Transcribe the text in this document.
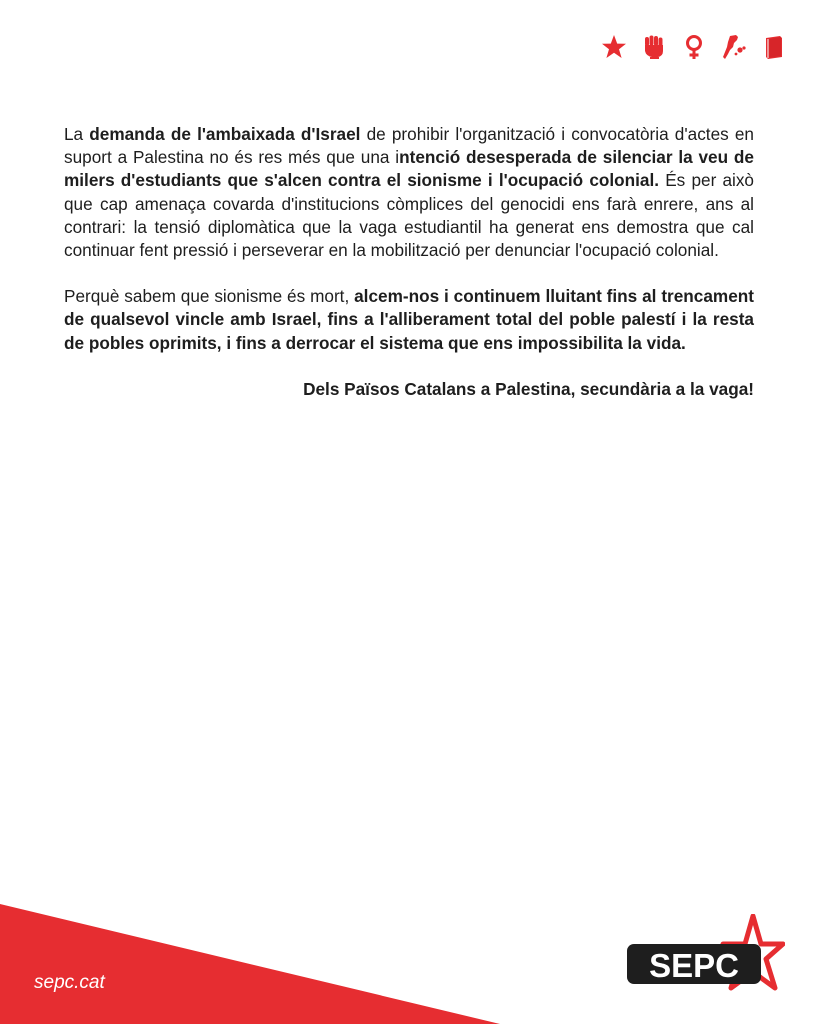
La demanda de l'ambaixada d'Israel de prohibir l'organització i convocatòria d'actes en suport a Palestina no és res més que una intenció desesperada de silenciar la veu de milers d'estudiants que s'alcen contra el sionisme i l'ocupació colonial. És per això que cap amenaça covarda d'institucions còmplices del genocidi ens farà enrere, ans al contrari: la tensió diplomàtica que la vaga estudiantil ha generat ens demostra que cal continuar fent pressió i perseverar en la mobilització per denunciar l'ocupació colonial.

Perquè sabem que sionisme és mort, alcem-nos i continuem lluitant fins al trencament de qualsevol vincle amb Israel, fins a l'alliberament total del poble palestí i la resta de pobles oprimits, i fins a derrocar el sistema que ens impossibilita la vida.

Dels Països Catalans a Palestina, secundària a la vaga!

sepc.cat	SEPC
